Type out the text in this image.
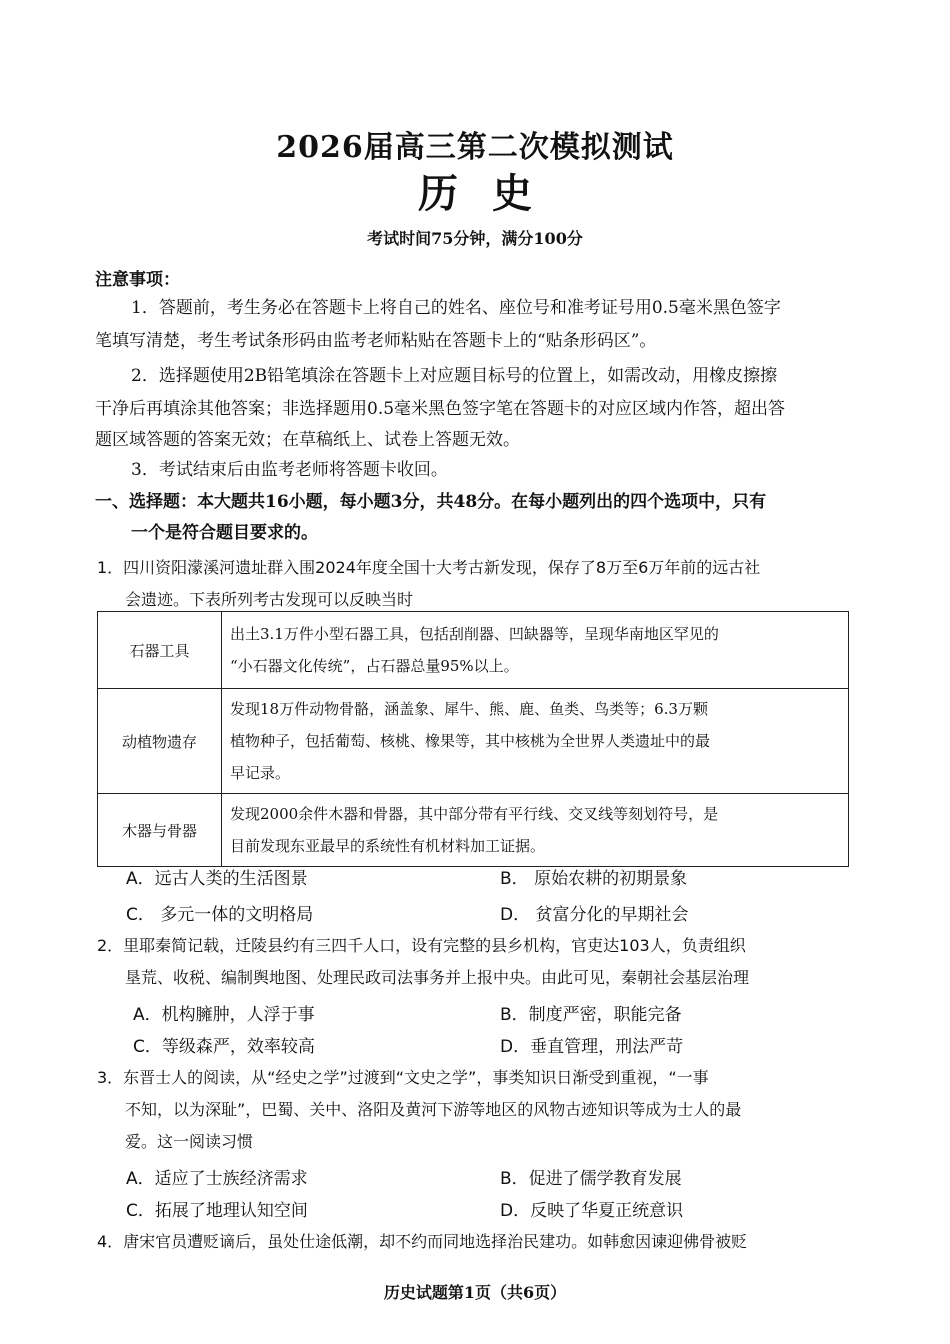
2026届高三第二次模拟测试
历史
考试时间75分钟，满分100分
注意事项：
1．答题前，考生务必在答题卡上将自己的姓名、座位号和准考证号用0.5毫米黑色签字
笔填写清楚，考生考试条形码由监考老师粘贴在答题卡上的“贴条形码区”。
2．选择题使用2B铅笔填涂在答题卡上对应题目标号的位置上，如需改动，用橡皮擦擦
干净后再填涂其他答案；非选择题用0.5毫米黑色签字笔在答题卡的对应区域内作答，超出答
题区域答题的答案无效；在草稿纸上、试卷上答题无效。
3．考试结束后由监考老师将答题卡收回。
一、选择题：本大题共16小题，每小题3分，共48分。在每小题列出的四个选项中，只有
一个是符合题目要求的。
1．四川资阳濛溪河遗址群入围2024年度全国十大考古新发现，保存了8万至6万年前的远古社
会遗迹。下表所列考古发现可以反映当时
石器工具	出土3.1万件小型石器工具，包括刮削器、凹缺器等，呈现华南地区罕见的
“小石器文化传统”，占石器总量95%以上。

动植物遗存	发现18万件动物骨骼，涵盖象、犀牛、熊、鹿、鱼类、鸟类等；6.3万颗
植物种子，包括葡萄、核桃、橡果等，其中核桃为全世界人类遗址中的最
早记录。

木器与骨器	发现2000余件木器和骨器，其中部分带有平行线、交叉线等刻划符号，是
目前发现东亚最早的系统性有机材料加工证据。
A．远古人类的生活图景	B． 原始农耕的初期景象
C． 多元一体的文明格局	D． 贫富分化的早期社会
2．里耶秦简记载，迁陵县约有三四千人口，设有完整的县乡机构，官吏达103人，负责组织
垦荒、收税、编制舆地图、处理民政司法事务并上报中央。由此可见，秦朝社会基层治理
A．机构臃肿，人浮于事	B．制度严密，职能完备
C．等级森严，效率较高	D．垂直管理，刑法严苛
3．东晋士人的阅读，从“经史之学”过渡到“文史之学”，事类知识日渐受到重视，“一事
不知，以为深耻”，巴蜀、关中、洛阳及黄河下游等地区的风物古迹知识等成为士人的最
爱。这一阅读习惯
A．适应了士族经济需求	B．促进了儒学教育发展
C．拓展了地理认知空间	D．反映了华夏正统意识
4．唐宋官员遭贬谪后，虽处仕途低潮，却不约而同地选择治民建功。如韩愈因谏迎佛骨被贬
历史试题第1页（共6页）
